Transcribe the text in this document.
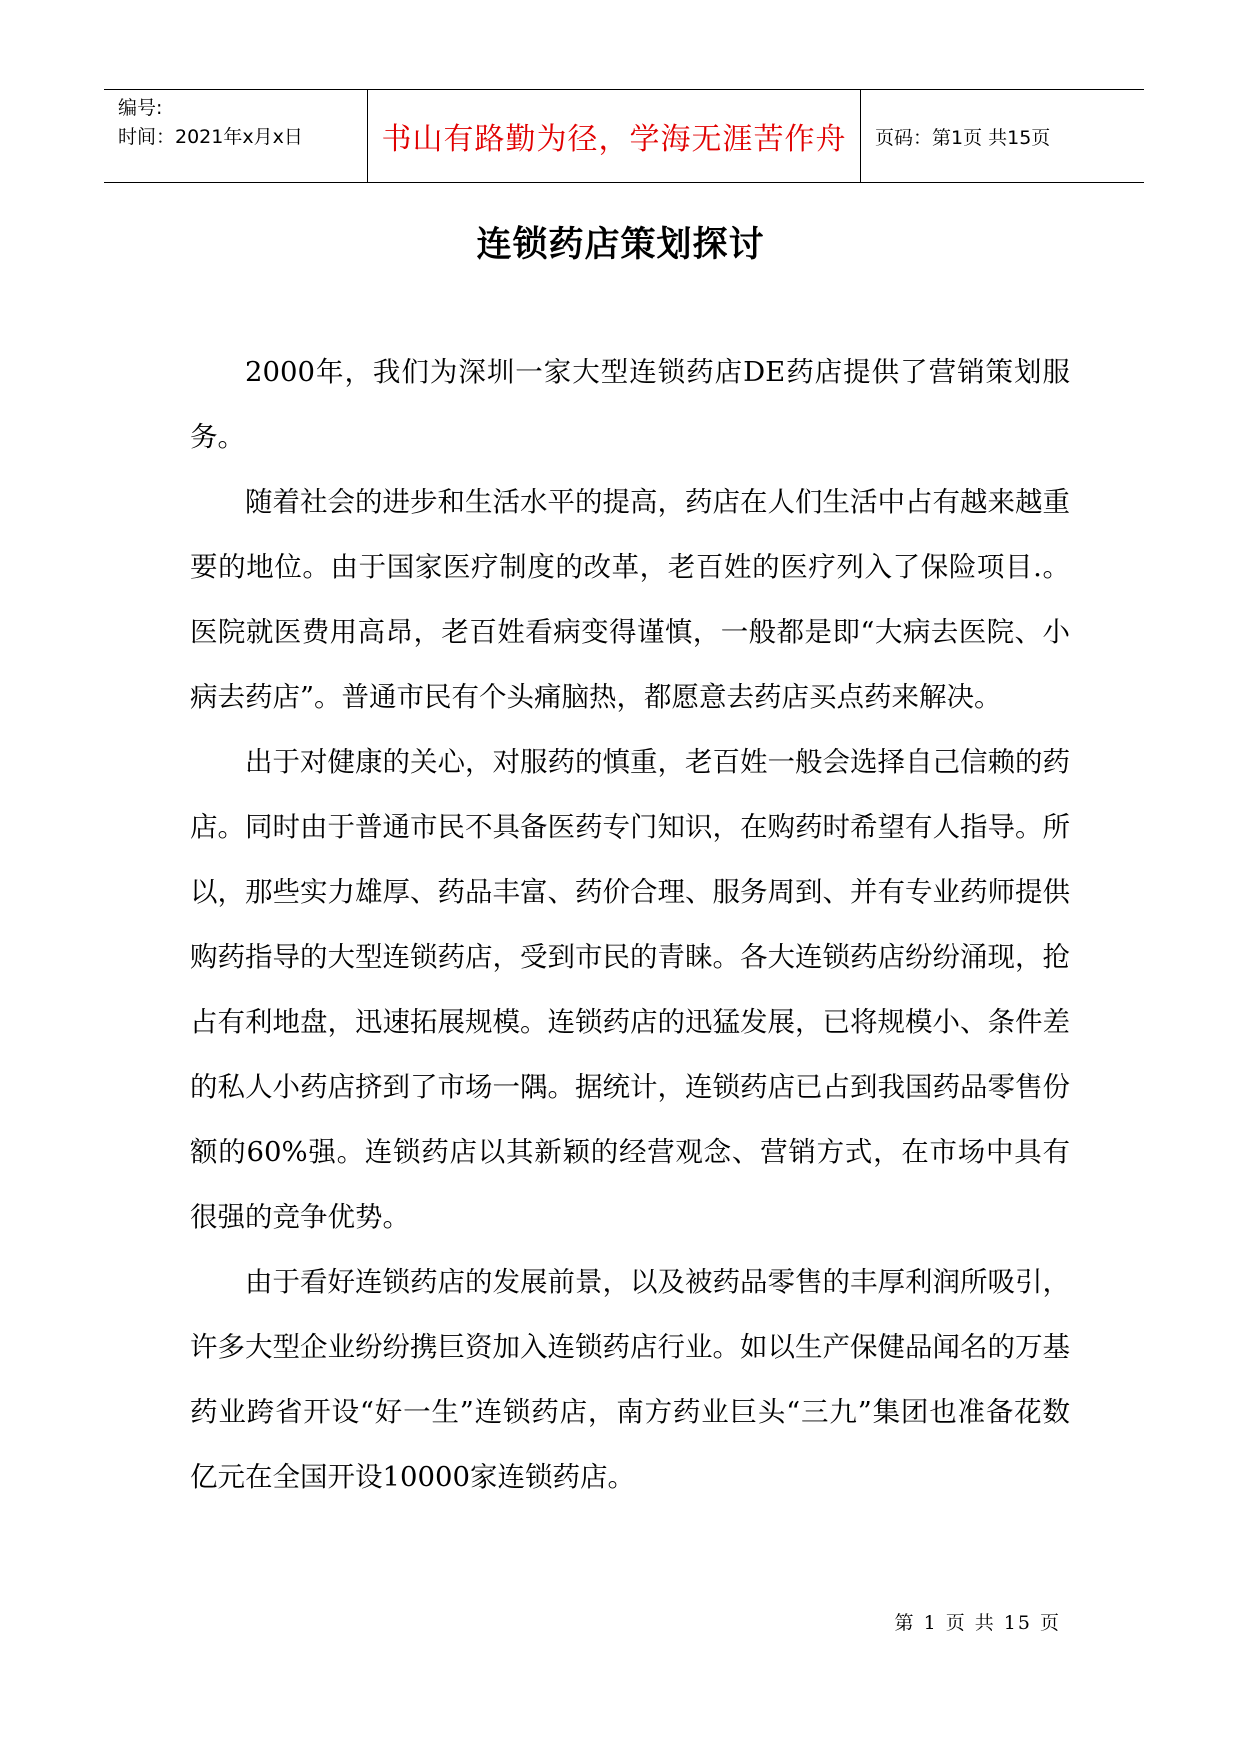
编号:
时间：2021年x月x日	书山有路勤为径，学海无涯苦作舟	页码：第1页 共15页
连锁药店策划探讨

2000年，我们为深圳一家大型连锁药店DE药店提供了营销策划服务。

随着社会的进步和生活水平的提高，药店在人们生活中占有越来越重要的地位。由于国家医疗制度的改革，老百姓的医疗列入了保险项目.。医院就医费用高昂，老百姓看病变得谨慎，一般都是即“大病去医院、小病去药店”。普通市民有个头痛脑热，都愿意去药店买点药来解决。

出于对健康的关心，对服药的慎重，老百姓一般会选择自己信赖的药店。同时由于普通市民不具备医药专门知识，在购药时希望有人指导。所以，那些实力雄厚、药品丰富、药价合理、服务周到、并有专业药师提供购药指导的大型连锁药店，受到市民的青睐。各大连锁药店纷纷涌现，抢占有利地盘，迅速拓展规模。连锁药店的迅猛发展，已将规模小、条件差的私人小药店挤到了市场一隅。据统计，连锁药店已占到我国药品零售份额的60%强。连锁药店以其新颖的经营观念、营销方式，在市场中具有很强的竞争优势。

由于看好连锁药店的发展前景，以及被药品零售的丰厚利润所吸引，许多大型企业纷纷携巨资加入连锁药店行业。如以生产保健品闻名的万基药业跨省开设“好一生”连锁药店，南方药业巨头“三九”集团也准备花数亿元在全国开设10000家连锁药店。

第 1 页 共 15 页
